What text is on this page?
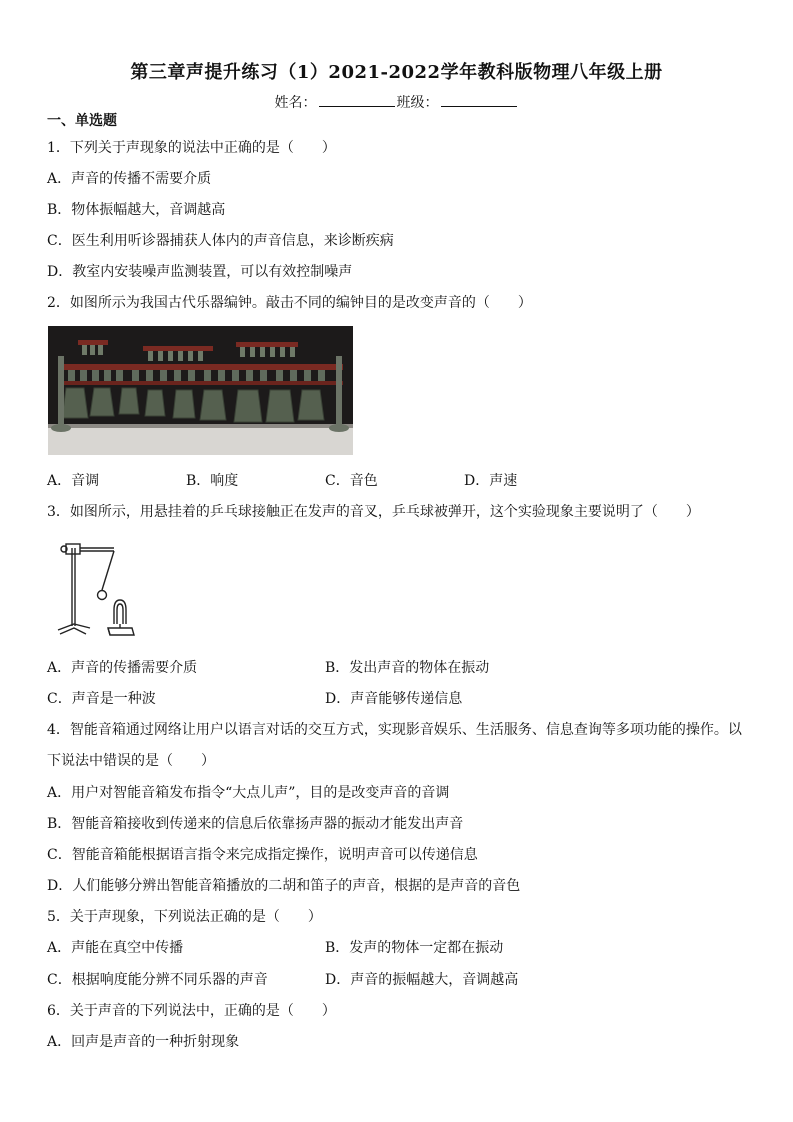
第三章声提升练习（1）2021-2022学年教科版物理八年级上册
姓名：	班级：
一、单选题
1．下列关于声现象的说法中正确的是（　　）
A．声音的传播不需要介质
B．物体振幅越大，音调越高
C．医生利用听诊器捕获人体内的声音信息，来诊断疾病
D．教室内安装噪声监测装置，可以有效控制噪声
2．如图所示为我国古代乐器编钟。敲击不同的编钟目的是改变声音的（　　）
A．音调	B．响度	C．音色	D．声速
3．如图所示，用悬挂着的乒乓球接触正在发声的音叉，乒乓球被弹开，这个实验现象主要说明了（　　）
A．声音的传播需要介质	B．发出声音的物体在振动
C．声音是一种波	D．声音能够传递信息
4．智能音箱通过网络让用户以语言对话的交互方式，实现影音娱乐、生活服务、信息查询等多项功能的操作。以
下说法中错误的是（　　）
A．用户对智能音箱发布指令“大点儿声”，目的是改变声音的音调
B．智能音箱接收到传递来的信息后依靠扬声器的振动才能发出声音
C．智能音箱能根据语言指令来完成指定操作，说明声音可以传递信息
D．人们能够分辨出智能音箱播放的二胡和笛子的声音，根据的是声音的音色
5．关于声现象，下列说法正确的是（　　）
A．声能在真空中传播	B．发声的物体一定都在振动
C．根据响度能分辨不同乐器的声音	D．声音的振幅越大，音调越高
6．关于声音的下列说法中，正确的是（　　）
A．回声是声音的一种折射现象
